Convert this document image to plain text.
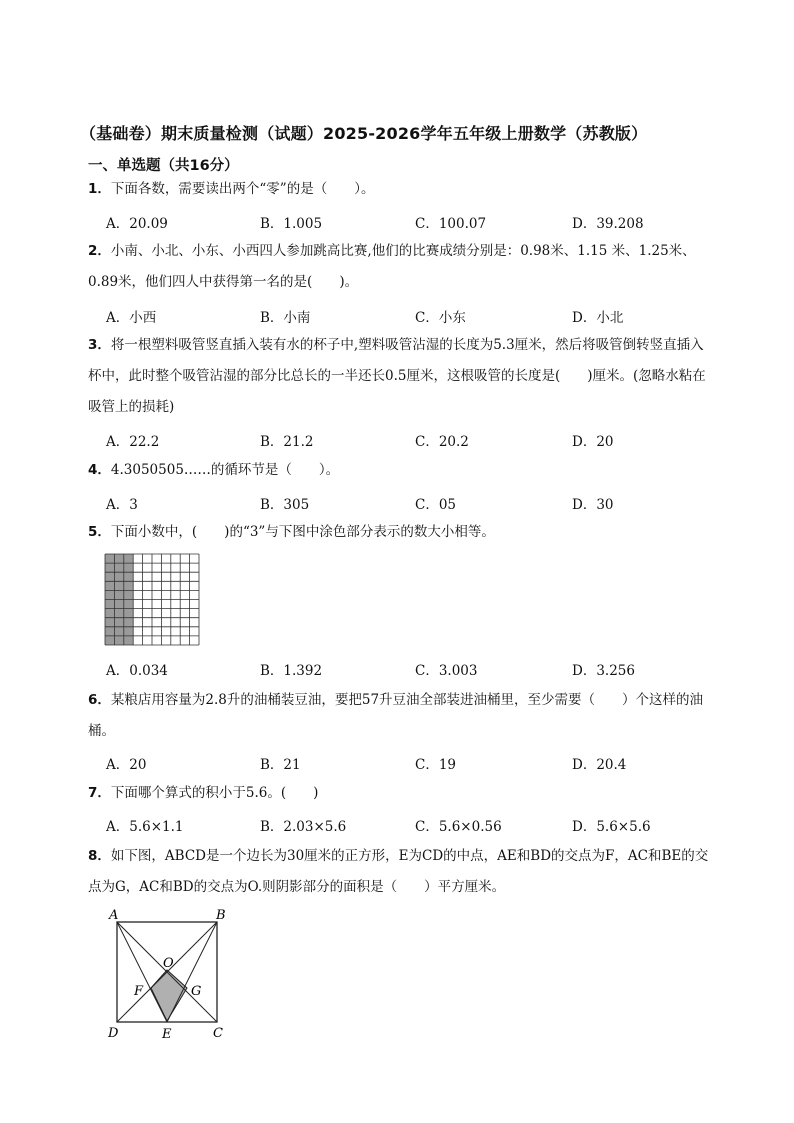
（基础卷）期末质量检测（试题）2025-2026学年五年级上册数学（苏教版）
一、单选题（共16分）
1．下面各数，需要读出两个“零”的是（　　）。
A．20.09	B．1.005	C．100.07	D．39.208
2．小南、小北、小东、小西四人参加跳高比赛,他们的比赛成绩分别是：0.98米、1.15 米、1.25米、0.89米，他们四人中获得第一名的是(　　)。
A．小西	B．小南	C．小东	D．小北
3．将一根塑料吸管竖直插入装有水的杯子中,塑料吸管沾湿的长度为5.3厘米，然后将吸管倒转竖直插入杯中，此时整个吸管沾湿的部分比总长的一半还长0.5厘米，这根吸管的长度是(　　)厘米。(忽略水粘在吸管上的损耗)
A．22.2	B．21.2	C．20.2	D．20
4．4.3050505……的循环节是（　　）。
A．3	B．305	C．05	D．30
5．下面小数中，(　　)的“3”与下图中涂色部分表示的数大小相等。
A．0.034	B．1.392	C．3.003	D．3.256
6．某粮店用容量为2.8升的油桶装豆油，要把57升豆油全部装进油桶里，至少需要（　　）个这样的油桶。
A．20	B．21	C．19	D．20.4
7．下面哪个算式的积小于5.6。(　　)
A．5.6×1.1	B．2.03×5.6	C．5.6×0.56	D．5.6×5.6
8．如下图，ABCD是一个边长为30厘米的正方形，E为CD的中点，AE和BD的交点为F，AC和BE的交点为G，AC和BD的交点为O.则阴影部分的面积是（　　）平方厘米。
A	B
O
F	G
D	E	C
